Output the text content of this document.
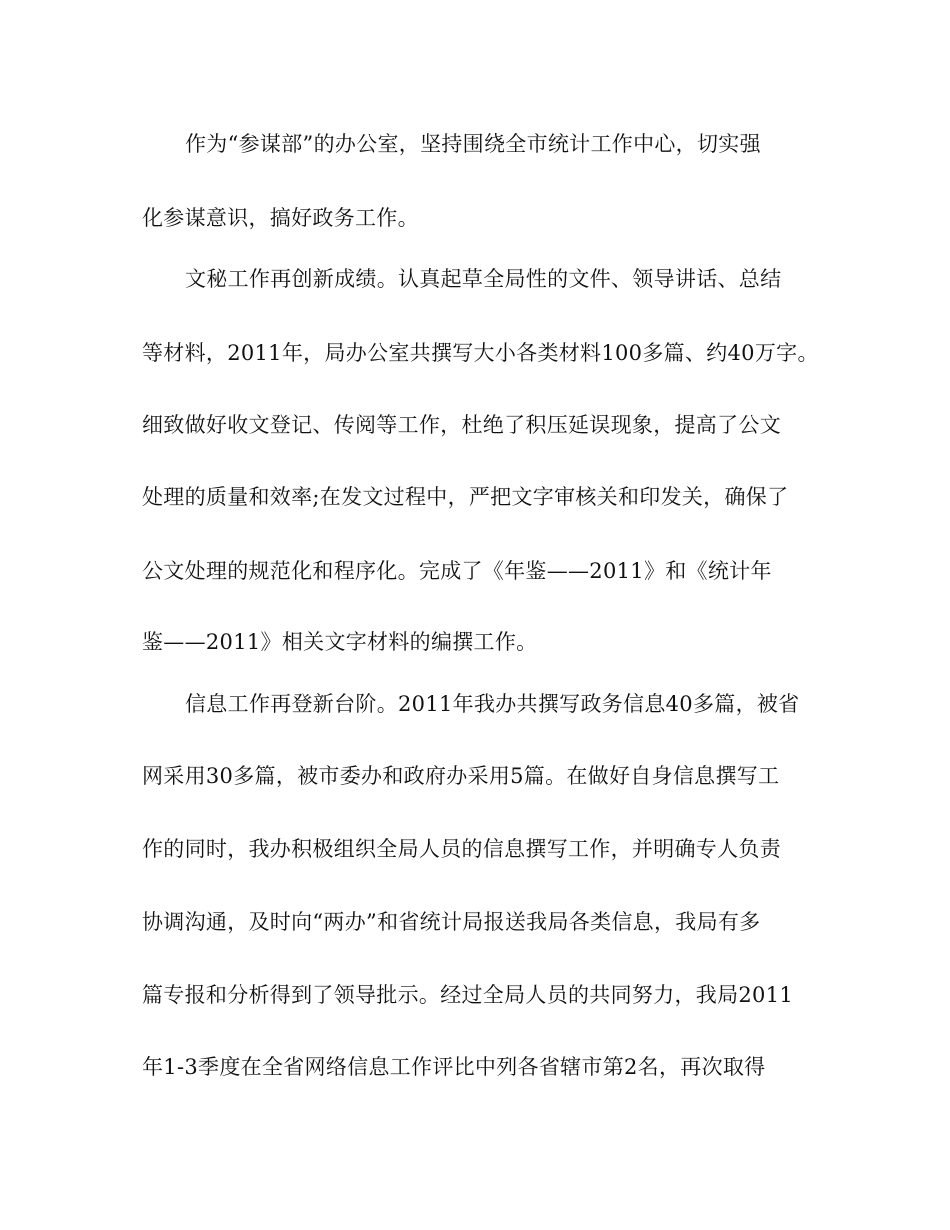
作为“参谋部”的办公室，坚持围绕全市统计工作中心，切实强
化参谋意识，搞好政务工作。
文秘工作再创新成绩。认真起草全局性的文件、领导讲话、总结
等材料，2011年，局办公室共撰写大小各类材料100多篇、约40万字。
细致做好收文登记、传阅等工作，杜绝了积压延误现象，提高了公文
处理的质量和效率;在发文过程中，严把文字审核关和印发关，确保了
公文处理的规范化和程序化。完成了《年鉴——2011》和《统计年
鉴——2011》相关文字材料的编撰工作。
信息工作再登新台阶。2011年我办共撰写政务信息40多篇，被省
网采用30多篇，被市委办和政府办采用5篇。在做好自身信息撰写工
作的同时，我办积极组织全局人员的信息撰写工作，并明确专人负责
协调沟通，及时向“两办”和省统计局报送我局各类信息，我局有多
篇专报和分析得到了领导批示。经过全局人员的共同努力，我局2011
年1-3季度在全省网络信息工作评比中列各省辖市第2名，再次取得
